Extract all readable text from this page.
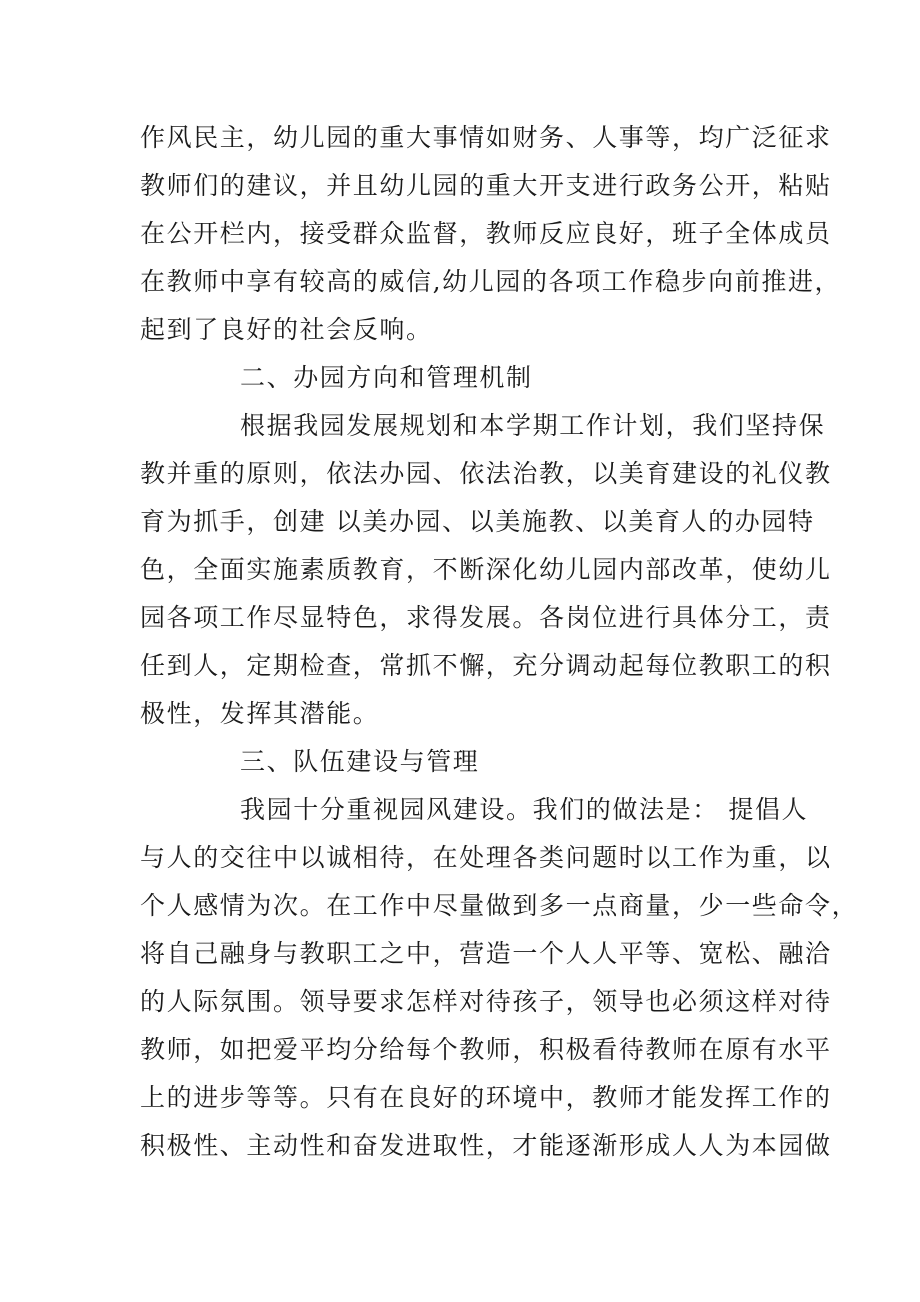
作风民主，幼儿园的重大事情如财务、人事等，均广泛征求
教师们的建议，并且幼儿园的重大开支进行政务公开，粘贴
在公开栏内，接受群众监督，教师反应良好，班子全体成员
在教师中享有较高的威信,幼儿园的各项工作稳步向前推进，
起到了良好的社会反响。
二、办园方向和管理机制
根据我园发展规划和本学期工作计划，我们坚持保
教并重的原则，依法办园、依法治教，以美育建设的礼仪教
育为抓手，创建 以美办园、以美施教、以美育人的办园特
色，全面实施素质教育，不断深化幼儿园内部改革，使幼儿
园各项工作尽显特色，求得发展。各岗位进行具体分工，责
任到人，定期检查，常抓不懈，充分调动起每位教职工的积
极性，发挥其潜能。
三、队伍建设与管理
我园十分重视园风建设。我们的做法是： 提倡人
与人的交往中以诚相待，在处理各类问题时以工作为重，以
个人感情为次。在工作中尽量做到多一点商量，少一些命令，
将自己融身与教职工之中，营造一个人人平等、宽松、融洽
的人际氛围。领导要求怎样对待孩子，领导也必须这样对待
教师，如把爱平均分给每个教师，积极看待教师在原有水平
上的进步等等。只有在良好的环境中，教师才能发挥工作的
积极性、主动性和奋发进取性，才能逐渐形成人人为本园做
